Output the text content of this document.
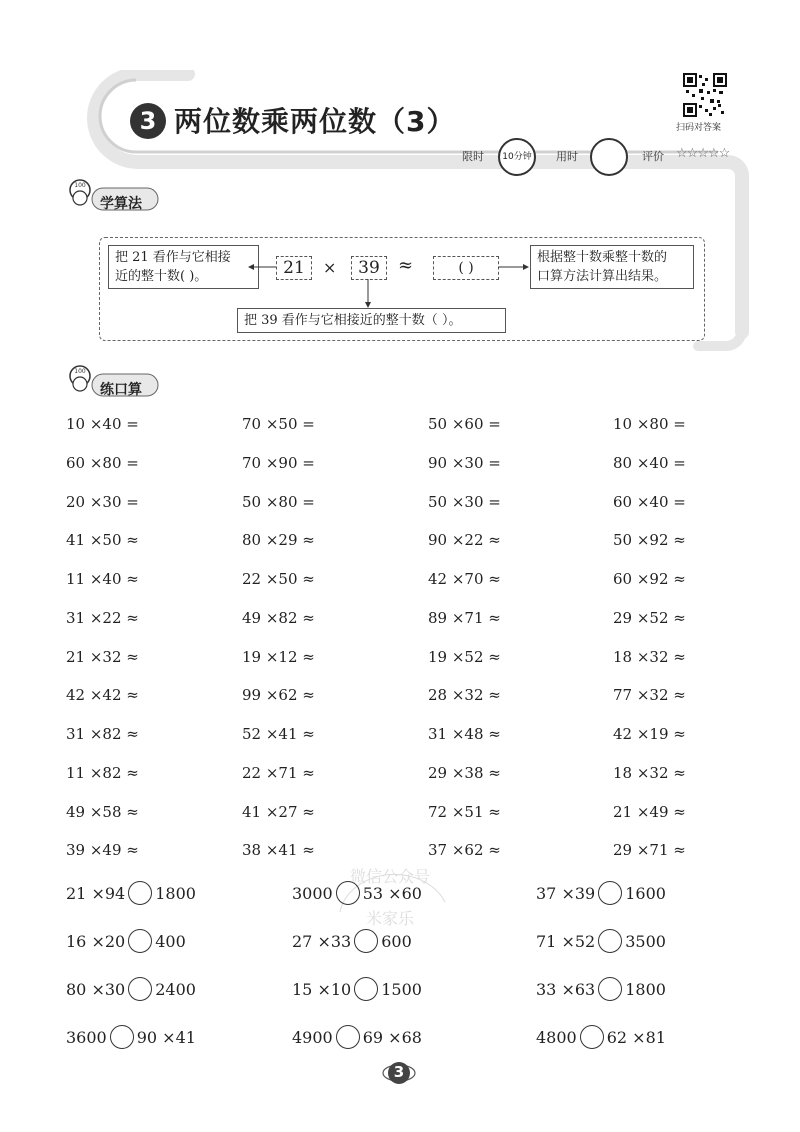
3 两位数乘两位数（3）	扫码对答案
限时 10分钟 用时	评价 ☆☆☆☆☆
100
学算法
把 21 看作与它相接
近的整十数( )。	21	×	39	≈	( )
根据整十数乘整十数的
口算方法计算出结果。
把 39 看作与它相接近的整十数（ ）。
100
练口算
10 ×40 =	70 ×50 =	50 ×60 =	10 ×80 =
60 ×80 =	70 ×90 =	90 ×30 =	80 ×40 =
20 ×30 =	50 ×80 =	50 ×30 =	60 ×40 =
41 ×50 ≈	80 ×29 ≈	90 ×22 ≈	50 ×92 ≈
11 ×40 ≈	22 ×50 ≈	42 ×70 ≈	60 ×92 ≈
31 ×22 ≈	49 ×82 ≈	89 ×71 ≈	29 ×52 ≈
21 ×32 ≈	19 ×12 ≈	19 ×52 ≈	18 ×32 ≈
42 ×42 ≈	99 ×62 ≈	28 ×32 ≈	77 ×32 ≈
31 ×82 ≈	52 ×41 ≈	31 ×48 ≈	42 ×19 ≈
11 ×82 ≈	22 ×71 ≈	29 ×38 ≈	18 ×32 ≈
49 ×58 ≈	41 ×27 ≈	72 ×51 ≈	21 ×49 ≈
39 ×49 ≈	38 ×41 ≈	37 ×62 ≈	29 ×71 ≈
21 ×94 1800	3000 53 ×60	37 ×39 1600
16 ×20 400	27 ×33 600	71 ×52 3500
80 ×30 2400	15 ×10 1500	33 ×63 1800
3600 90 ×41	4900 69 ×68	4800 62 ×81
微信公众号
米家乐
3
